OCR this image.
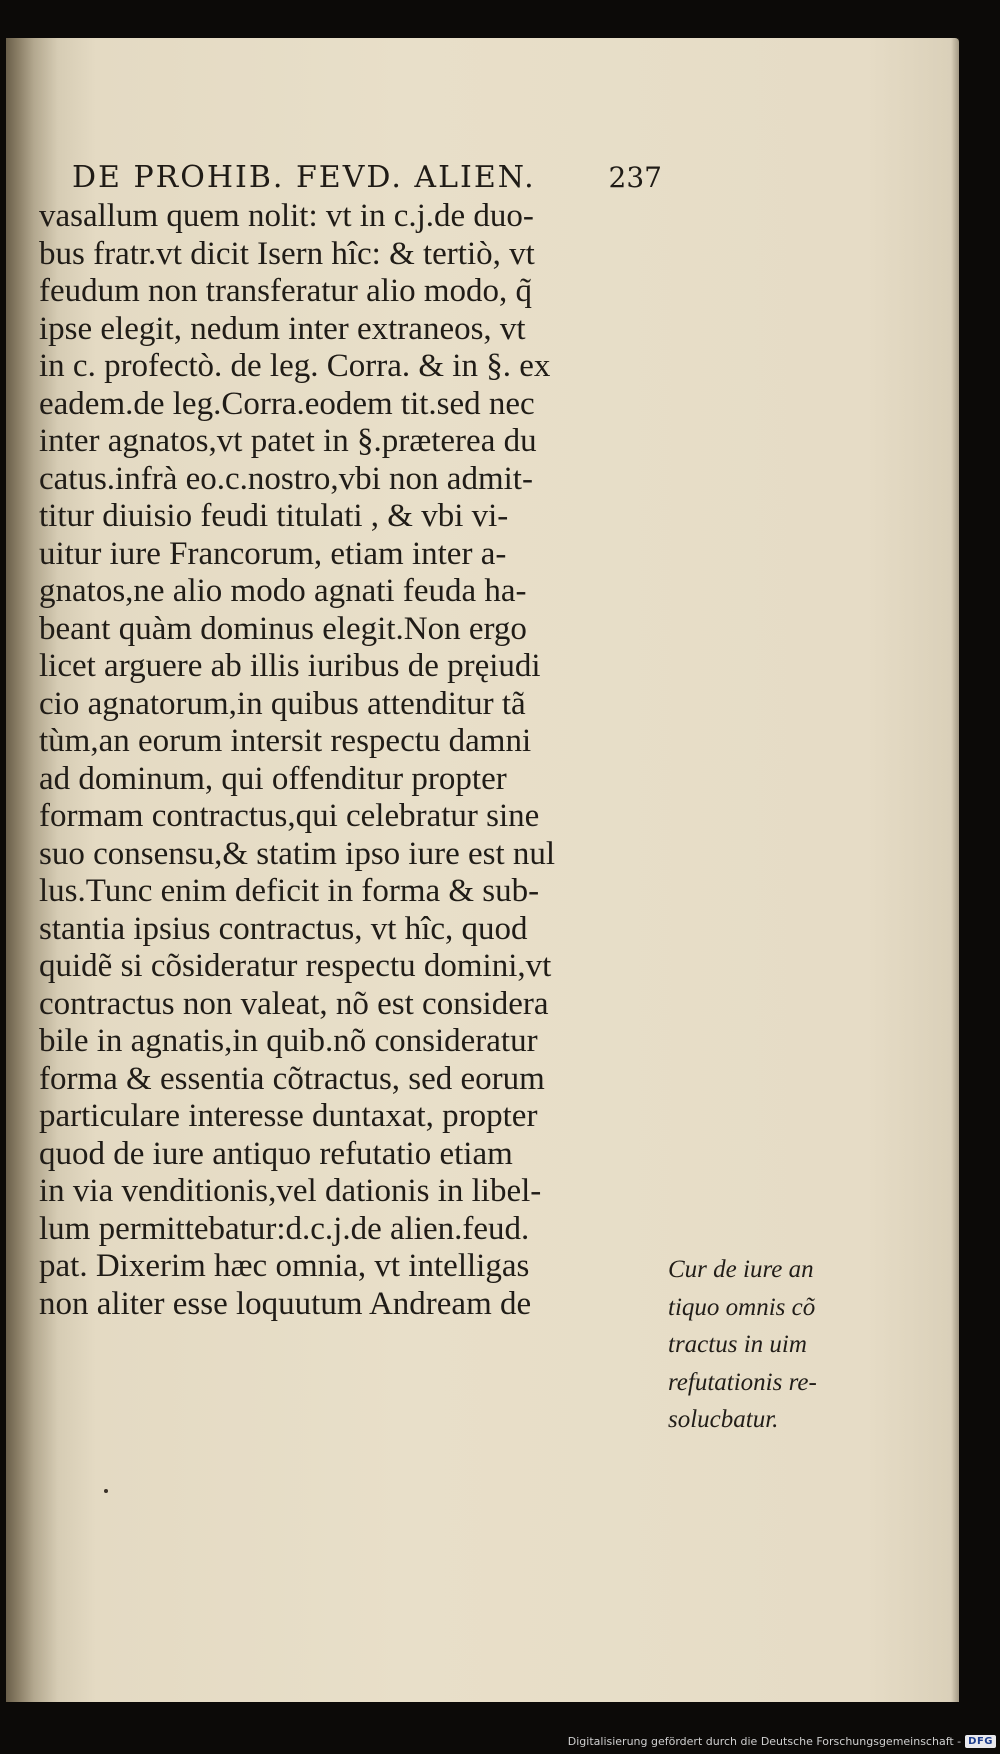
DE PROHIB. FEVD. ALIEN.	237
vasallum quem nolit: vt in c.j.de duo-
bus fratr.vt dicit Isern hîc: & tertiò, vt
feudum non transferatur alio modo, q̃
ipse elegit, nedum inter extraneos, vt
in c. profectò. de leg. Corra. & in §. ex
eadem.de leg.Corra.eodem tit.sed nec
inter agnatos,vt patet in §.præterea du
catus.infrà eo.c.nostro,vbi non admit-
titur diuisio feudi titulati , & vbi vi-
uitur iure Francorum, etiam inter a-
gnatos,ne alio modo agnati feuda ha-
beant quàm dominus elegit.Non ergo
licet arguere ab illis iuribus de pręiudi
cio agnatorum,in quibus attenditur tã
tùm,an eorum intersit respectu damni
ad dominum, qui offenditur propter
formam contractus,qui celebratur sine
suo consensu,& statim ipso iure est nul
lus.Tunc enim deficit in forma & sub-
stantia ipsius contractus, vt hîc, quod
quidẽ si cõsideratur respectu domini,vt
contractus non valeat, nõ est considera
bile in agnatis,in quib.nõ consideratur
forma & essentia cõtractus, sed eorum
particulare interesse duntaxat, propter
quod de iure antiquo refutatio etiam
in via venditionis,vel dationis in libel-
lum permittebatur:d.c.j.de alien.feud.
pat. Dixerim hæc omnia, vt intelligas
non aliter esse loquutum Andream de
Cur de iure an
tiquo omnis cõ
tractus in uim
refutationis re-
solucbatur.
Digitalisierung gefördert durch die Deutsche Forschungsgemeinschaft - DFG
